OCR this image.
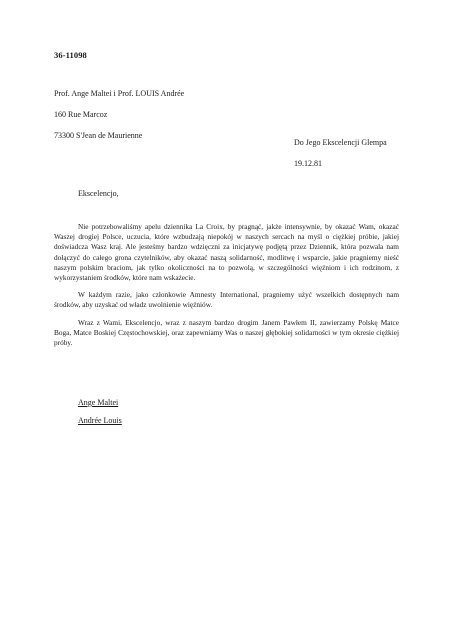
36-11098
Prof. Ange Maltei i Prof. LOUIS Andrée
160 Rue Marcoz
73300 S'Jean de Maurienne
Do Jego Ekscelencji Glempa
19.12.81
Ekscelencjo,

Nie potrzebowaliśmy apelu dziennika La Croix, by pragnąć, jakże intensywnie, by okazać Wam, okazać Waszej drogiej Polsce, uczucia, które wzbudzają niepokój w naszych sercach na myśl o ciężkiej próbie, jakiej doświadcza Wasz kraj. Ale jesteśmy bardzo wdzięczni za inicjatywę podjętą przez Dziennik, która pozwala nam dołączyć do całego grona czytelników, aby okazać naszą solidarność, modlitwę i wsparcie, jakie pragniemy nieść naszym polskim braciom, jak tylko okoliczności na to pozwolą, w szczególności więźniom i ich rodzinom, z wykorzystaniem środków, które nam wskażecie.

W każdym razie, jako członkowie Amnesty International, pragniemy użyć wszelkich dostępnych nam środków, aby uzyskać od władz uwolnienie więźniów.

Wraz z Wami, Ekscelencjo, wraz z naszym bardzo drogim Janem Pawłem II, zawierzamy Polskę Matce Boga, Matce Boskiej Częstochowskiej, oraz zapewniamy Was o naszej głębokiej solidarności w tym okresie ciężkiej próby.

Ange Maltei
Andrée Louis
